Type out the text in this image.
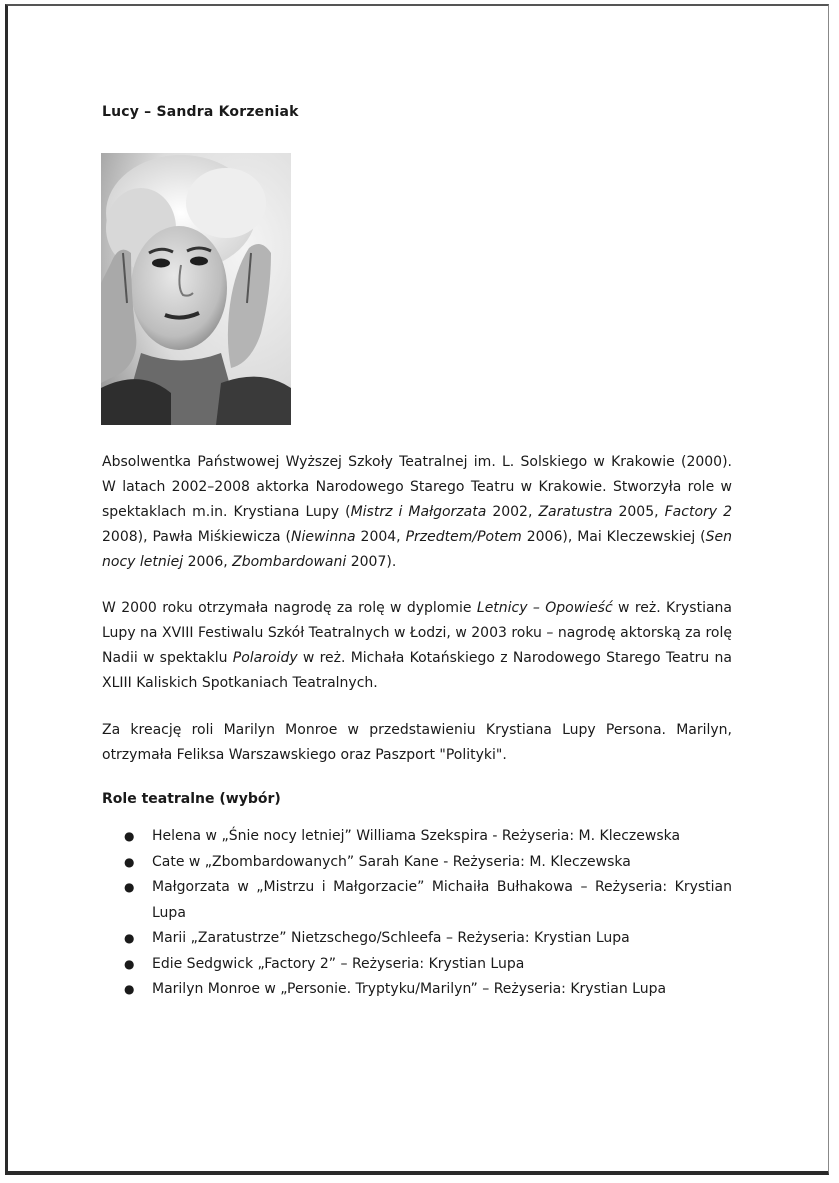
Lucy – Sandra Korzeniak

Absolwentka Państwowej Wyższej Szkoły Teatralnej im. L. Solskiego w Krakowie (2000). W latach 2002–2008 aktorka Narodowego Starego Teatru w Krakowie. Stworzyła role w spektaklach m.in. Krystiana Lupy (Mistrz i Małgorzata 2002, Zaratustra 2005, Factory 2 2008), Pawła Miśkiewicza (Niewinna 2004, Przedtem/Potem 2006), Mai Kleczewskiej (Sen nocy letniej 2006, Zbombardowani 2007).

W 2000 roku otrzymała nagrodę za rolę w dyplomie Letnicy – Opowieść w reż. Krystiana Lupy na XVIII Festiwalu Szkół Teatralnych w Łodzi, w 2003 roku – nagrodę aktorską za rolę Nadii w spektaklu Polaroidy w reż. Michała Kotańskiego z Narodowego Starego Teatru na XLIII Kaliskich Spotkaniach Teatralnych.

Za kreację roli Marilyn Monroe w przedstawieniu Krystiana Lupy Persona. Marilyn, otrzymała Feliksa Warszawskiego oraz Paszport "Polityki".

Role teatralne (wybór)
● Helena w „Śnie nocy letniej” Williama Szekspira - Reżyseria: M. Kleczewska
● Cate w „Zbombardowanych” Sarah Kane - Reżyseria: M. Kleczewska
● Małgorzata w „Mistrzu i Małgorzacie” Michaiła Bułhakowa – Reżyseria: Krystian Lupa
● Marii „Zaratustrze” Nietzschego/Schleefa – Reżyseria: Krystian Lupa
● Edie Sedgwick „Factory 2” – Reżyseria: Krystian Lupa
● Marilyn Monroe w „Personie. Tryptyku/Marilyn” – Reżyseria: Krystian Lupa
